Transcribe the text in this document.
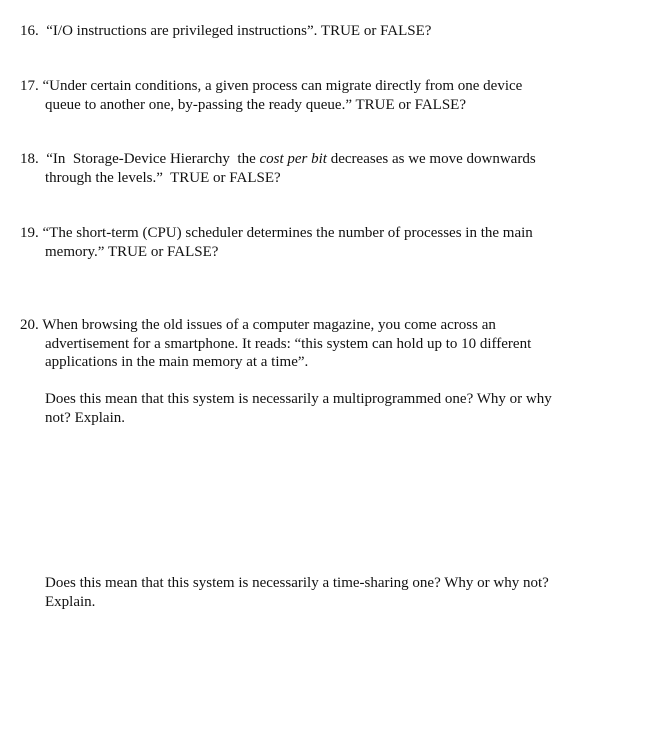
16. “I/O instructions are privileged instructions”. TRUE or FALSE?
17. “Under certain conditions, a given process can migrate directly from one device
queue to another one, by-passing the ready queue.” TRUE or FALSE?
18. “In  Storage-Device Hierarchy  the cost per bit decreases as we move downwards
through the levels.”  TRUE or FALSE?
19. “The short-term (CPU) scheduler determines the number of processes in the main
memory.” TRUE or FALSE?
20. When browsing the old issues of a computer magazine, you come across an
advertisement for a smartphone. It reads: “this system can hold up to 10 different
applications in the main memory at a time”.
Does this mean that this system is necessarily a multiprogrammed one? Why or why
not? Explain.
Does this mean that this system is necessarily a time-sharing one? Why or why not?
Explain.
